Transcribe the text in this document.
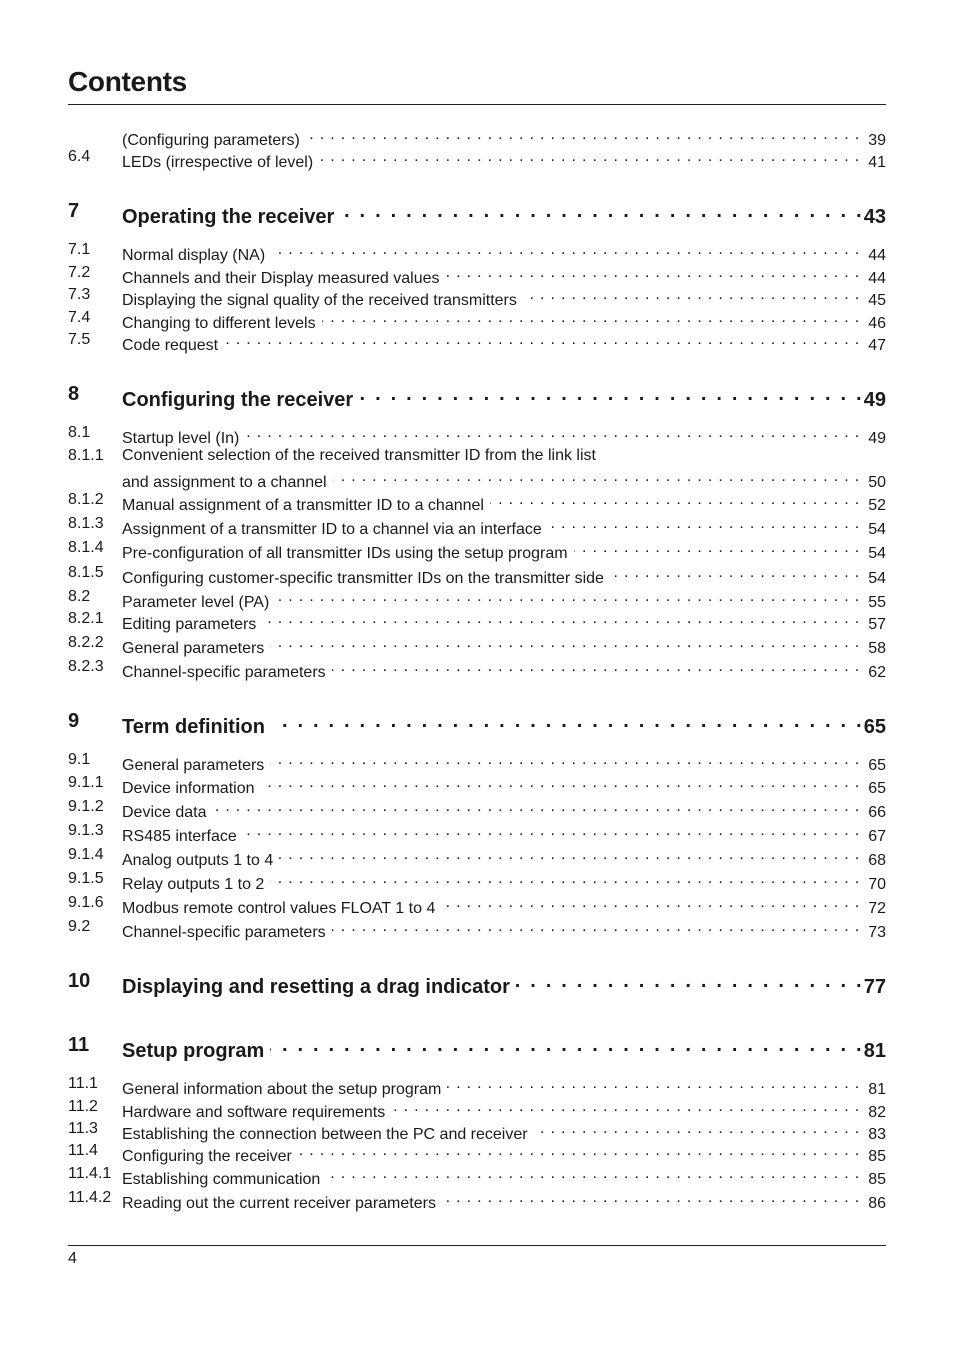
Contents
(Configuring parameters) . . .	39
6.4 LEDs (irrespective of level) . . .	41
7 Operating the receiver . . .	43
7.1 Normal display (NA) . . .	44
7.2 Channels and their Display measured values . . .	44
7.3 Displaying the signal quality of the received transmitters . . .	45
7.4 Changing to different levels . . .	46
7.5 Code request . . .	47
8 Configuring the receiver . . .	49
8.1 Startup level (In) . . .	49
8.1.1 Convenient selection of the received transmitter ID from the link list
and assignment to a channel . . .	50
8.1.2 Manual assignment of a transmitter ID to a channel . . .	52
8.1.3 Assignment of a transmitter ID to a channel via an interface . . .	54
8.1.4 Pre-configuration of all transmitter IDs using the setup program . . .	54
8.1.5 Configuring customer-specific transmitter IDs on the transmitter side . . .	54
8.2 Parameter level (PA) . . .	55
8.2.1 Editing parameters . . .	57
8.2.2 General parameters . . .	58
8.2.3 Channel-specific parameters . . .	62
9 Term definition . . .	65
9.1 General parameters . . .	65
9.1.1 Device information . . .	65
9.1.2 Device data . . .	66
9.1.3 RS485 interface . . .	67
9.1.4 Analog outputs 1 to 4 . . .	68
9.1.5 Relay outputs 1 to 2 . . .	70
9.1.6 Modbus remote control values FLOAT 1 to 4 . . .	72
9.2 Channel-specific parameters . . .	73
10 Displaying and resetting a drag indicator . . .	77
11 Setup program . . .	81
11.1 General information about the setup program . . .	81
11.2 Hardware and software requirements . . .	82
11.3 Establishing the connection between the PC and receiver . . .	83
11.4 Configuring the receiver . . .	85
11.4.1 Establishing communication . . .	85
11.4.2 Reading out the current receiver parameters . . .	86
4
